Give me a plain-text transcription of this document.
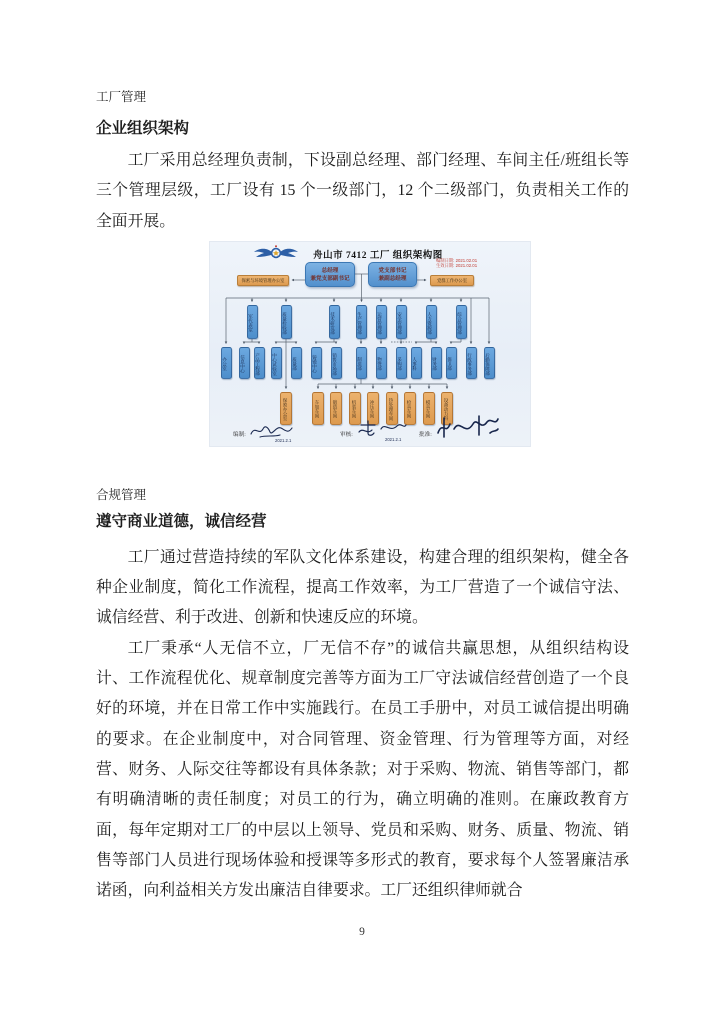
工厂管理

企业组织架构

工厂采用总经理负责制，下设副总经理、部门经理、车间主任/班组长等三个管理层级，工厂设有 15 个一级部门，12 个二级部门，负责相关工作的全面开展。

舟山市 7412 工厂 组织架构图
编制日期: 2021.02.01
生效日期: 2021.02.01
总经理
兼党支部副书记
党支部书记
兼副总经理
保密与环境管理办公室	党群工作办公室
军代表室	质量检验部	技术研发部	生产管理部	运营管理部	安全管理部	人力资源部	综合管理部
办公室	信息中心	产品工程部	中心试验室	质量部	铸锻中心	销售市场部	制造部	物资部	采购部	人事科	财务部	保卫部	行政事务部	后勤保障部
保密办公室	车加车间	锻造车间	机装车间	冲压车间	热处理车间	检具车间	模具车间	设备动力科
编制:
2021.2.1
审核:
2021.2.1
批准:

合规管理

遵守商业道德，诚信经营

工厂通过营造持续的军队文化体系建设，构建合理的组织架构，健全各种企业制度，简化工作流程，提高工作效率，为工厂营造了一个诚信守法、诚信经营、利于改进、创新和快速反应的环境。

工厂秉承“人无信不立，厂无信不存”的诚信共赢思想，从组织结构设计、工作流程优化、规章制度完善等方面为工厂守法诚信经营创造了一个良好的环境，并在日常工作中实施践行。在员工手册中，对员工诚信提出明确的要求。在企业制度中，对合同管理、资金管理、行为管理等方面，对经营、财务、人际交往等都设有具体条款；对于采购、物流、销售等部门，都有明确清晰的责任制度；对员工的行为，确立明确的准则。在廉政教育方面，每年定期对工厂的中层以上领导、党员和采购、财务、质量、物流、销售等部门人员进行现场体验和授课等多形式的教育，要求每个人签署廉洁承诺函，向利益相关方发出廉洁自律要求。工厂还组织律师就合

9
